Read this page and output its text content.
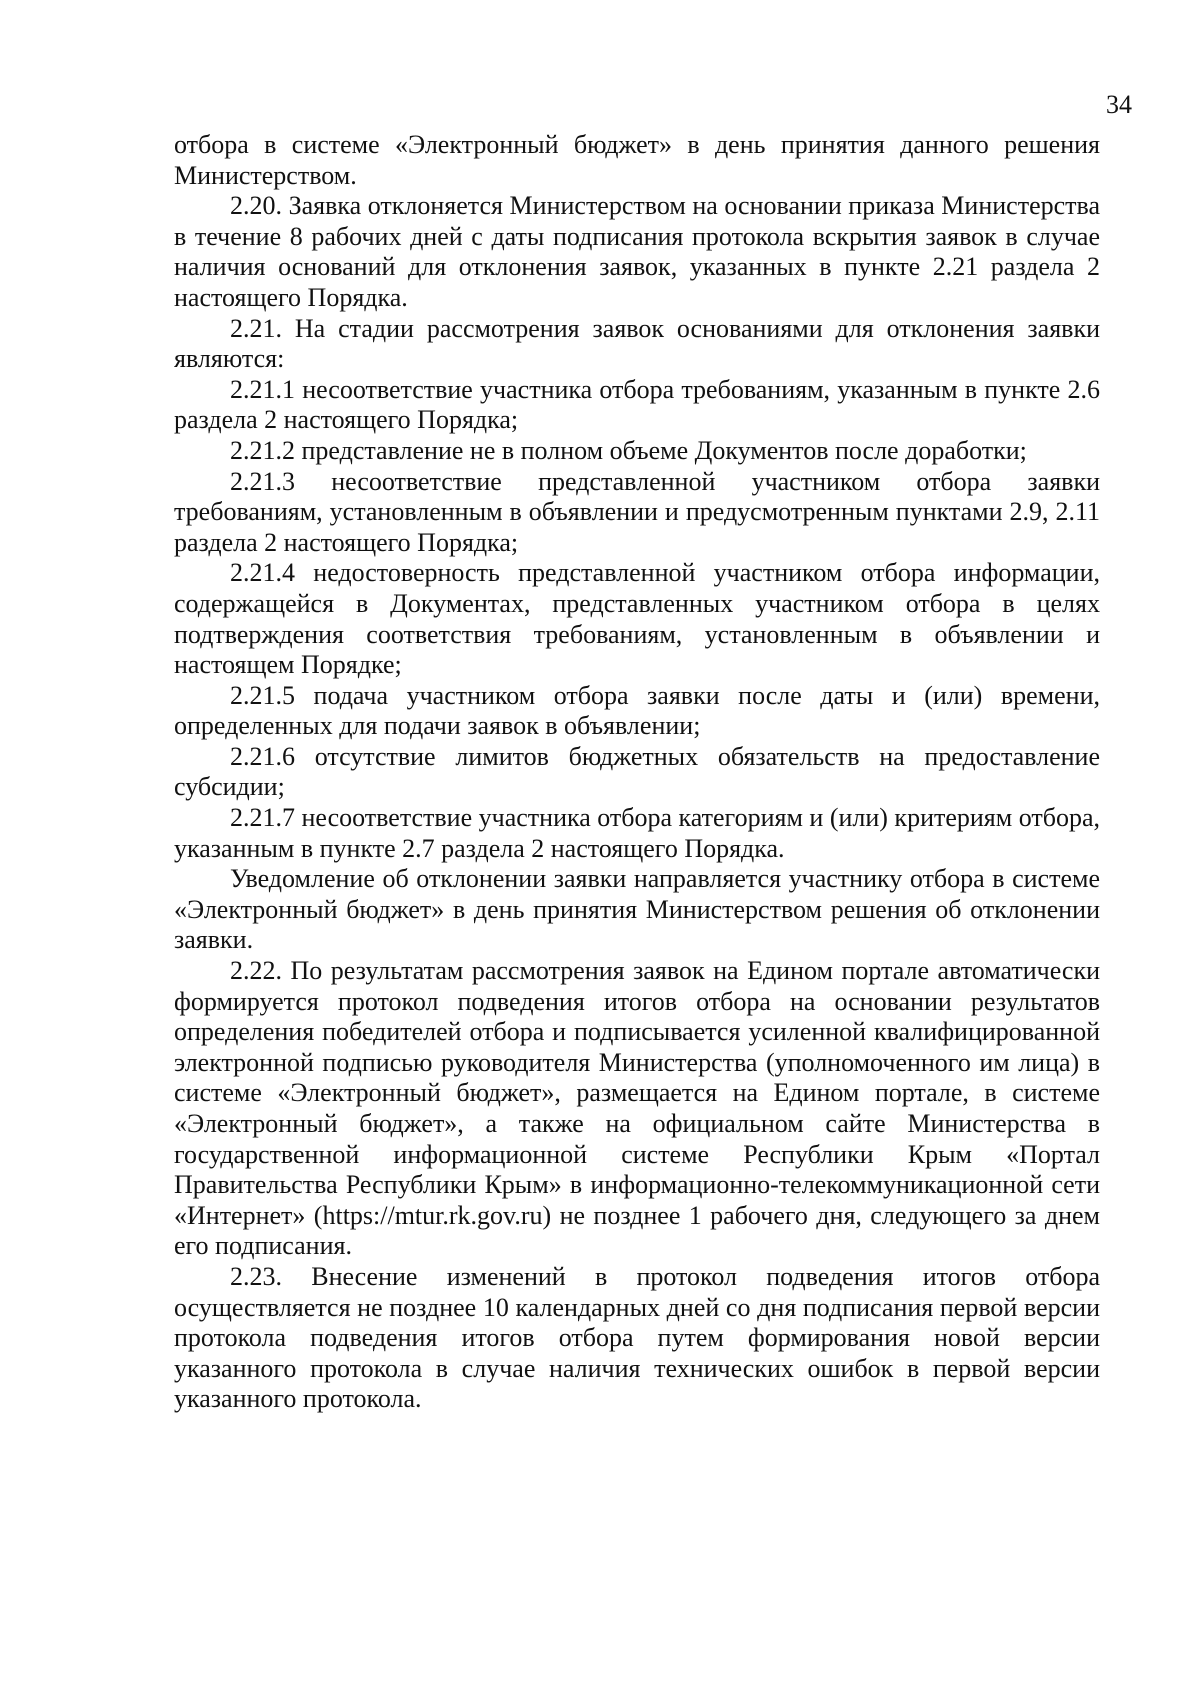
34

отбора в системе «Электронный бюджет» в день принятия данного решения Министерством.

2.20. Заявка отклоняется Министерством на основании приказа Министерства в течение 8 рабочих дней с даты подписания протокола вскрытия заявок в случае наличия оснований для отклонения заявок, указанных в пункте 2.21 раздела 2 настоящего Порядка.

2.21. На стадии рассмотрения заявок основаниями для отклонения заявки являются:

2.21.1 несоответствие участника отбора требованиям, указанным в пункте 2.6 раздела 2 настоящего Порядка;

2.21.2 представление не в полном объеме Документов после доработки;

2.21.3 несоответствие представленной участником отбора заявки требованиям, установленным в объявлении и предусмотренным пунктами 2.9, 2.11 раздела 2 настоящего Порядка;

2.21.4 недостоверность представленной участником отбора информации, содержащейся в Документах, представленных участником отбора в целях подтверждения соответствия требованиям, установленным в объявлении и настоящем Порядке;

2.21.5 подача участником отбора заявки после даты и (или) времени, определенных для подачи заявок в объявлении;

2.21.6 отсутствие лимитов бюджетных обязательств на предоставление субсидии;

2.21.7 несоответствие участника отбора категориям и (или) критериям отбора, указанным в пункте 2.7 раздела 2 настоящего Порядка.

Уведомление об отклонении заявки направляется участнику отбора в системе «Электронный бюджет» в день принятия Министерством решения об отклонении заявки.

2.22. По результатам рассмотрения заявок на Едином портале автоматически формируется протокол подведения итогов отбора на основании результатов определения победителей отбора и подписывается усиленной квалифицированной электронной подписью руководителя Министерства (уполномоченного им лица) в системе «Электронный бюджет», размещается на Едином портале, в системе «Электронный бюджет», а также на официальном сайте Министерства в государственной информационной системе Республики Крым «Портал Правительства Республики Крым» в информационно-телекоммуникационной сети «Интернет» (https://mtur.rk.gov.ru) не позднее 1 рабочего дня, следующего за днем его подписания.

2.23. Внесение изменений в протокол подведения итогов отбора осуществляется не позднее 10 календарных дней со дня подписания первой версии протокола подведения итогов отбора путем формирования новой версии указанного протокола в случае наличия технических ошибок в первой версии указанного протокола.
